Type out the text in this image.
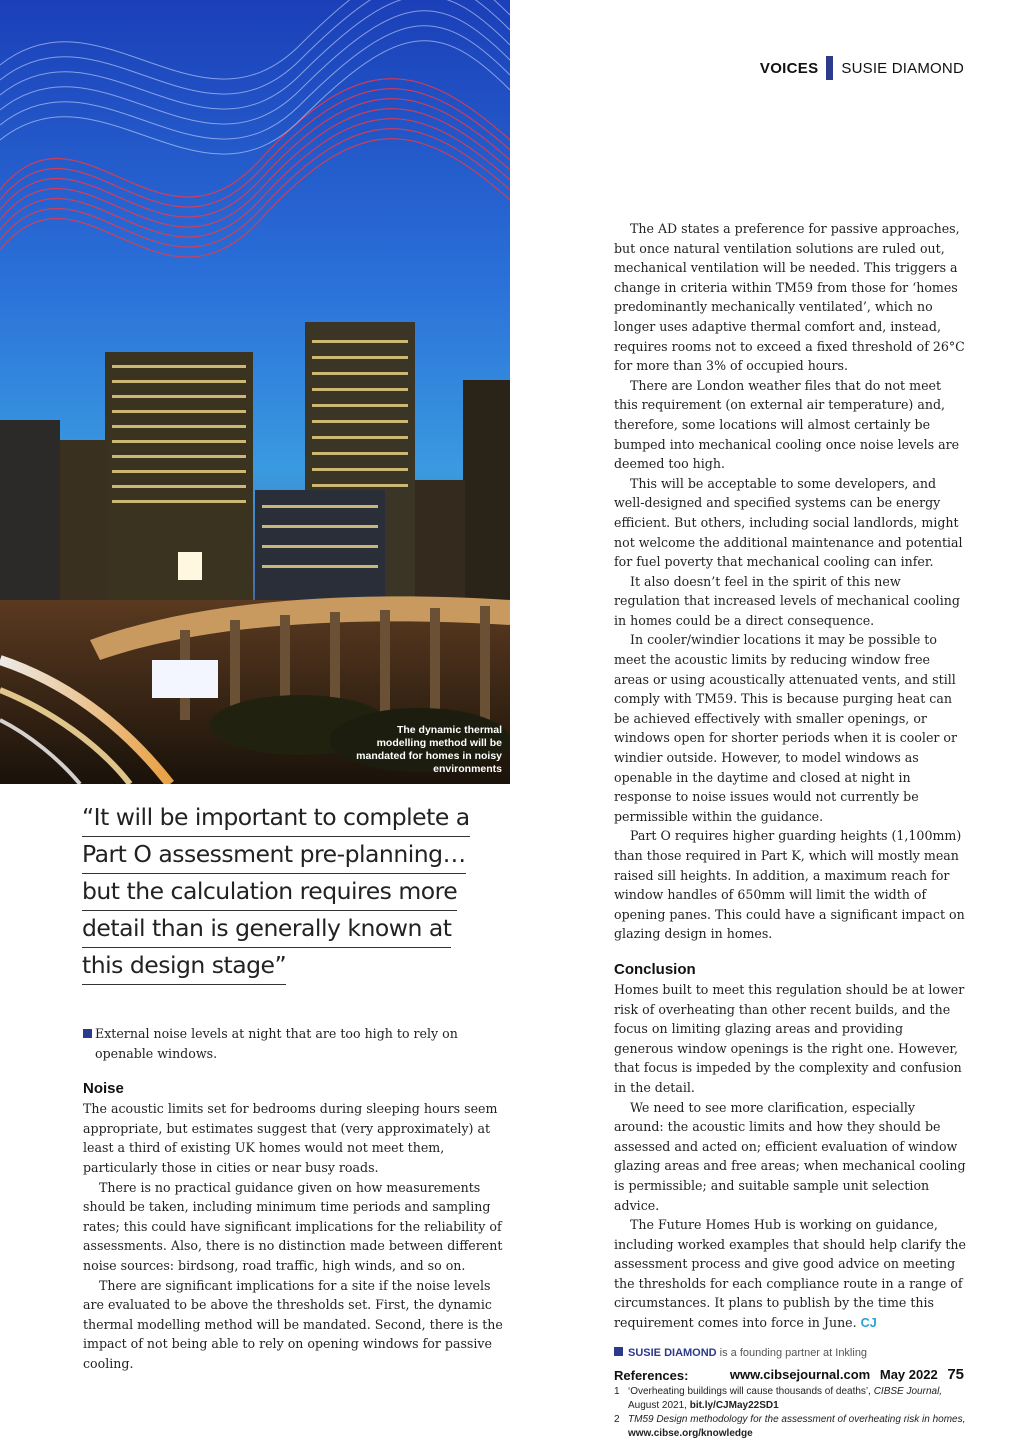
VOICES SUSIE DIAMOND
The dynamic thermal modelling method will be mandated for homes in noisy environments
“It will be important to complete a
Part O assessment pre-planning…
but the calculation requires more
detail than is generally known at
this design stage”
External noise levels at night that are too high to rely on openable windows.
Noise

The acoustic limits set for bedrooms during sleeping hours seem appropriate, but estimates suggest that (very approximately) at least a third of existing UK homes would not meet them, particularly those in cities or near busy roads.

There is no practical guidance given on how measurements should be taken, including minimum time periods and sampling rates; this could have significant implications for the reliability of assessments. Also, there is no distinction made between different noise sources: birdsong, road traffic, high winds, and so on.

There are significant implications for a site if the noise levels are evaluated to be above the thresholds set. First, the dynamic thermal modelling method will be mandated. Second, there is the impact of not being able to rely on opening windows for passive cooling.

The AD states a preference for passive approaches, but once natural ventilation solutions are ruled out, mechanical ventilation will be needed. This triggers a change in criteria within TM59 from those for ‘homes predominantly mechanically ventilated’, which no longer uses adaptive thermal comfort and, instead, requires rooms not to exceed a fixed threshold of 26°C for more than 3% of occupied hours.

There are London weather files that do not meet this requirement (on external air temperature) and, therefore, some locations will almost certainly be bumped into mechanical cooling once noise levels are deemed too high.

This will be acceptable to some developers, and well-designed and specified systems can be energy efficient. But others, including social landlords, might not welcome the additional maintenance and potential for fuel poverty that mechanical cooling can infer.

It also doesn’t feel in the spirit of this new regulation that increased levels of mechanical cooling in homes could be a direct consequence.

In cooler/windier locations it may be possible to meet the acoustic limits by reducing window free areas or using acoustically attenuated vents, and still comply with TM59. This is because purging heat can be achieved effectively with smaller openings, or windows open for shorter periods when it is cooler or windier outside. However, to model windows as openable in the daytime and closed at night in response to noise issues would not currently be permissible within the guidance.

Part O requires higher guarding heights (1,100mm) than those required in Part K, which will mostly mean raised sill heights. In addition, a maximum reach for window handles of 650mm will limit the width of opening panes. This could have a significant impact on glazing design in homes.

Conclusion

Homes built to meet this regulation should be at lower risk of overheating than other recent builds, and the focus on limiting glazing areas and providing generous window openings is the right one. However, that focus is impeded by the complexity and confusion in the detail.

We need to see more clarification, especially around: the acoustic limits and how they should be assessed and acted on; efficient evaluation of window glazing areas and free areas; when mechanical cooling is permissible; and suitable sample unit selection advice.

The Future Homes Hub is working on guidance, including worked examples that should help clarify the assessment process and give good advice on meeting the thresholds for each compliance route in a range of circumstances. It plans to publish by the time this requirement comes into force in June. CJ

SUSIE DIAMOND is a founding partner at Inkling
References:
1 ‘Overheating buildings will cause thousands of deaths’, CIBSE Journal, August 2021, bit.ly/CJMay22SD1
2 TM59 Design methodology for the assessment of overheating risk in homes,
www.cibse.org/knowledge
www.cibsejournal.com May 2022 75
